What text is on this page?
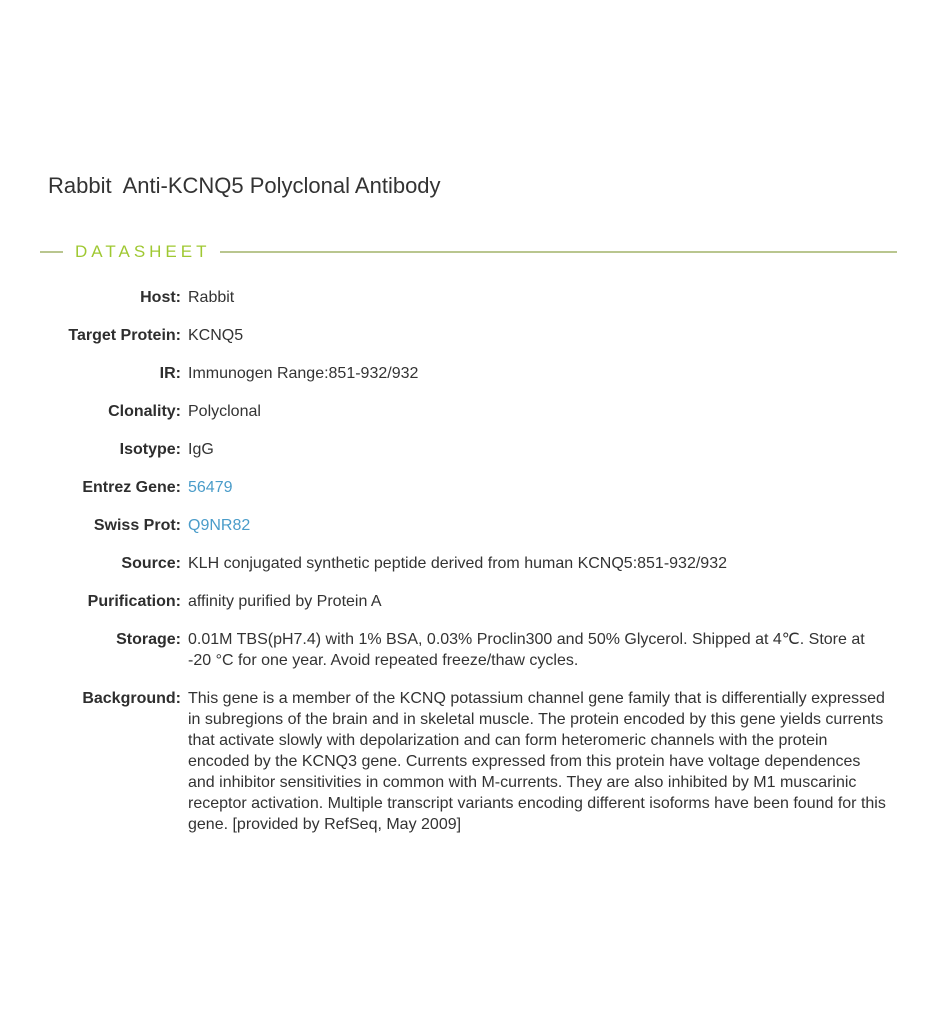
Rabbit  Anti-KCNQ5 Polyclonal Antibody
DATASHEET
Host: Rabbit
Target Protein: KCNQ5
IR: Immunogen Range:851-932/932
Clonality: Polyclonal
Isotype: IgG
Entrez Gene: 56479
Swiss Prot: Q9NR82
Source: KLH conjugated synthetic peptide derived from human KCNQ5:851-932/932
Purification: affinity purified by Protein A
Storage: 0.01M TBS(pH7.4) with 1% BSA, 0.03% Proclin300 and 50% Glycerol. Shipped at 4℃. Store at -20 °C for one year. Avoid repeated freeze/thaw cycles.
Background: This gene is a member of the KCNQ potassium channel gene family that is differentially expressed in subregions of the brain and in skeletal muscle. The protein encoded by this gene yields currents that activate slowly with depolarization and can form heteromeric channels with the protein encoded by the KCNQ3 gene. Currents expressed from this protein have voltage dependences and inhibitor sensitivities in common with M-currents. They are also inhibited by M1 muscarinic receptor activation. Multiple transcript variants encoding different isoforms have been found for this gene. [provided by RefSeq, May 2009]
